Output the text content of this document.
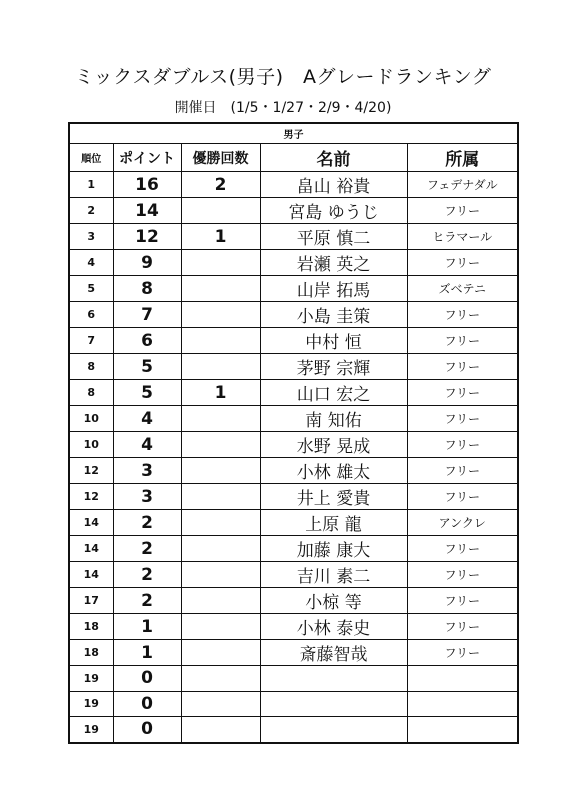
ミックスダブルス(男子)　Aグレードランキング
開催日　(1/5・1/27・2/9・4/20)
男子				
順位	ポイント	優勝回数	名前	所属
1	16	2	畠山 裕貴	フェデナダル
2	14		宮島 ゆうじ	フリー
3	12	1	平原 慎二	ヒラマール
4	9		岩瀬 英之	フリー
5	8		山岸 拓馬	ズベテニ
6	7		小島 圭策	フリー
7	6		中村 恒	フリー
8	5		茅野 宗輝	フリー
8	5	1	山口 宏之	フリー
10	4		南 知佑	フリー
10	4		水野 晃成	フリー
12	3		小林 雄太	フリー
12	3		井上 愛貴	フリー
14	2		上原 龍	アンクレ
14	2		加藤 康大	フリー
14	2		吉川 素二	フリー
17	2		小椋 等	フリー
18	1		小林 泰史	フリー
18	1		斎藤智哉	フリー
19	0			
19	0			
19	0			
